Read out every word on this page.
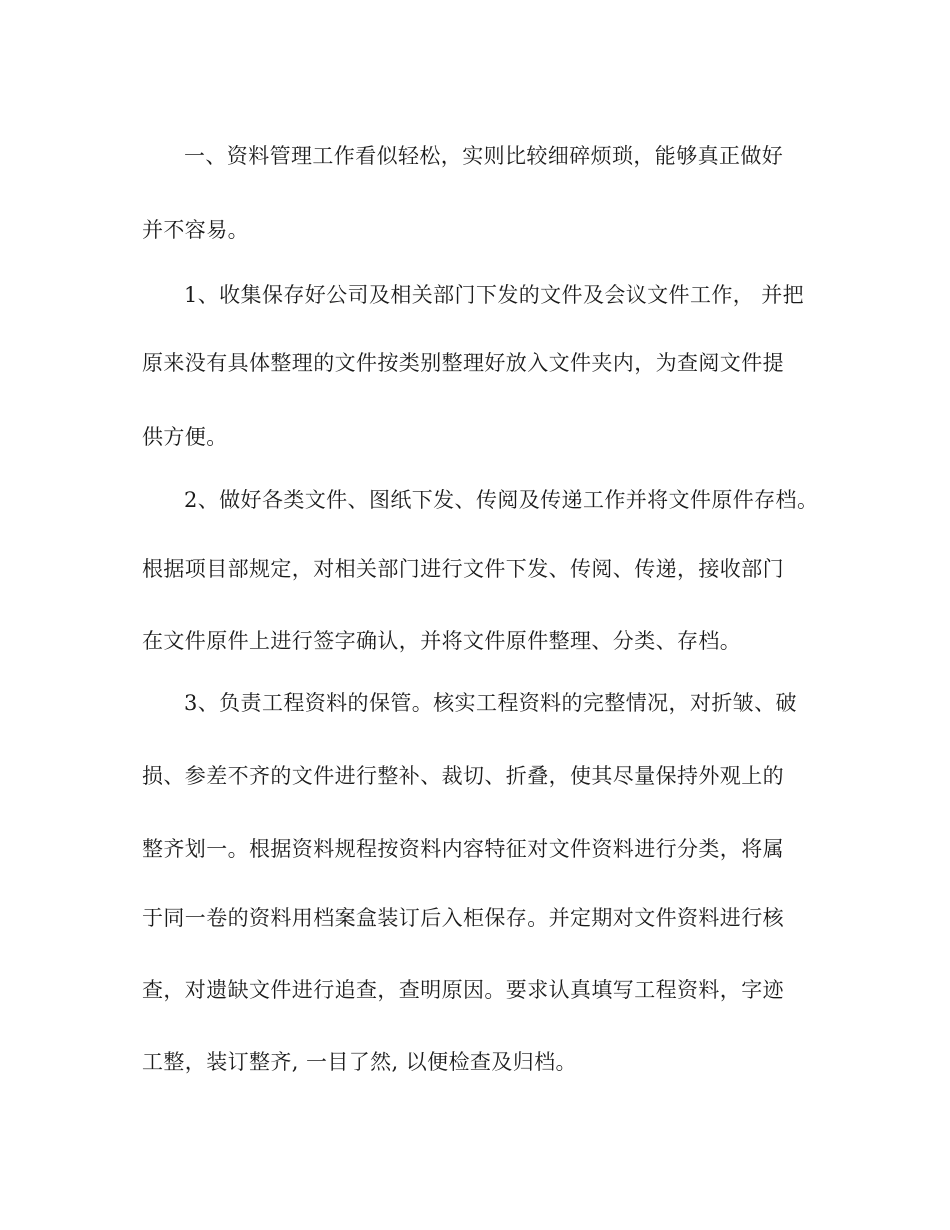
一、资料管理工作看似轻松，实则比较细碎烦琐，能够真正做好
并不容易。
1、收集保存好公司及相关部门下发的文件及会议文件工作， 并把
原来没有具体整理的文件按类别整理好放入文件夹内，为查阅文件提
供方便。
2、做好各类文件、图纸下发、传阅及传递工作并将文件原件存档。
根据项目部规定，对相关部门进行文件下发、传阅、传递，接收部门
在文件原件上进行签字确认，并将文件原件整理、分类、存档。
3、负责工程资料的保管。核实工程资料的完整情况，对折皱、破
损、参差不齐的文件进行整补、裁切、折叠，使其尽量保持外观上的
整齐划一。根据资料规程按资料内容特征对文件资料进行分类，将属
于同一卷的资料用档案盒装订后入柜保存。并定期对文件资料进行核
查，对遗缺文件进行追查，查明原因。要求认真填写工程资料，字迹
工整，装订整齐, 一目了然, 以便检查及归档。
